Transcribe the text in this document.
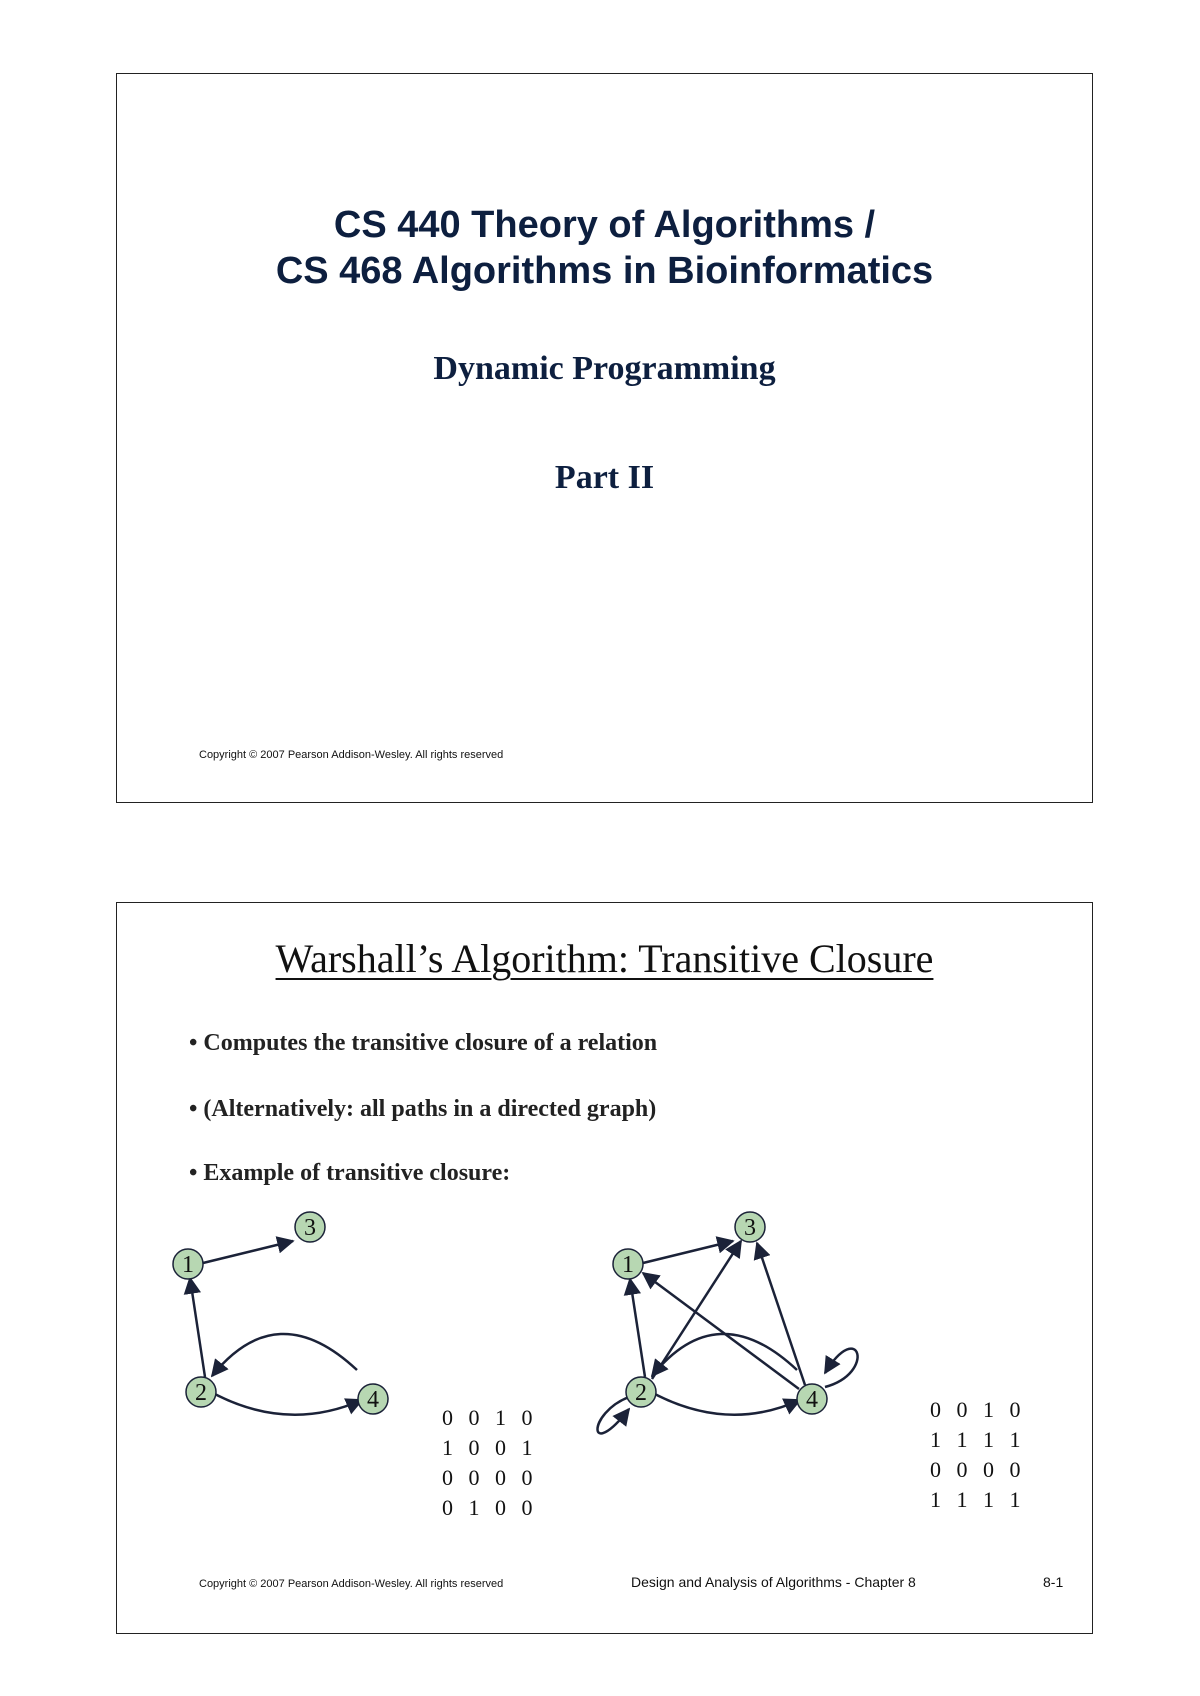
CS 440 Theory of Algorithms /
CS 468 Algorithms in Bioinformatics
Dynamic Programming
Part II
Copyright © 2007 Pearson Addison-Wesley. All rights reserved
Warshall’s Algorithm: Transitive Closure
• Computes the transitive closure of a relation
• (Alternatively: all paths in a directed graph)
• Example of transitive closure:
1
2
3
4
1
2
3
4
0 0 1 0
1 0 0 1
0 0 0 0
0 1 0 0
0 0 1 0
1 1 1 1
0 0 0 0
1 1 1 1
Copyright © 2007 Pearson Addison-Wesley. All rights reserved	Design and Analysis of Algorithms - Chapter 8	8-1
